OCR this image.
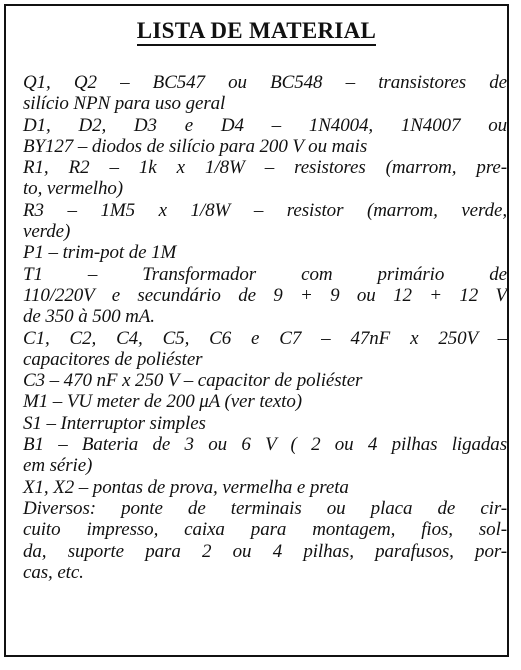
LISTA DE MATERIAL
Q1, Q2 – BC547 ou BC548 – transistores de
silício NPN para uso geral
D1, D2, D3 e D4 – 1N4004, 1N4007 ou
BY127 – diodos de silício para 200 V ou mais
R1, R2 – 1k x 1/8W – resistores (marrom, pre-
to, vermelho)
R3 – 1M5 x 1/8W – resistor (marrom, verde,
verde)
P1 – trim-pot de 1M
T1 – Transformador com primário de
110/220V e secundário de 9 + 9 ou 12 + 12 V
de 350 à 500 mA.
C1, C2, C4, C5, C6 e C7 – 47nF x 250V –
capacitores de poliéster
C3 – 470 nF x 250 V – capacitor de poliéster
M1 – VU meter de 200 μA (ver texto)
S1 – Interruptor simples
B1 – Bateria de 3 ou 6 V ( 2 ou 4 pilhas ligadas
em série)
X1, X2 – pontas de prova, vermelha e preta
Diversos: ponte de terminais ou placa de cir-
cuito impresso, caixa para montagem, fios, sol-
da, suporte para 2 ou 4 pilhas, parafusos, por-
cas, etc.
